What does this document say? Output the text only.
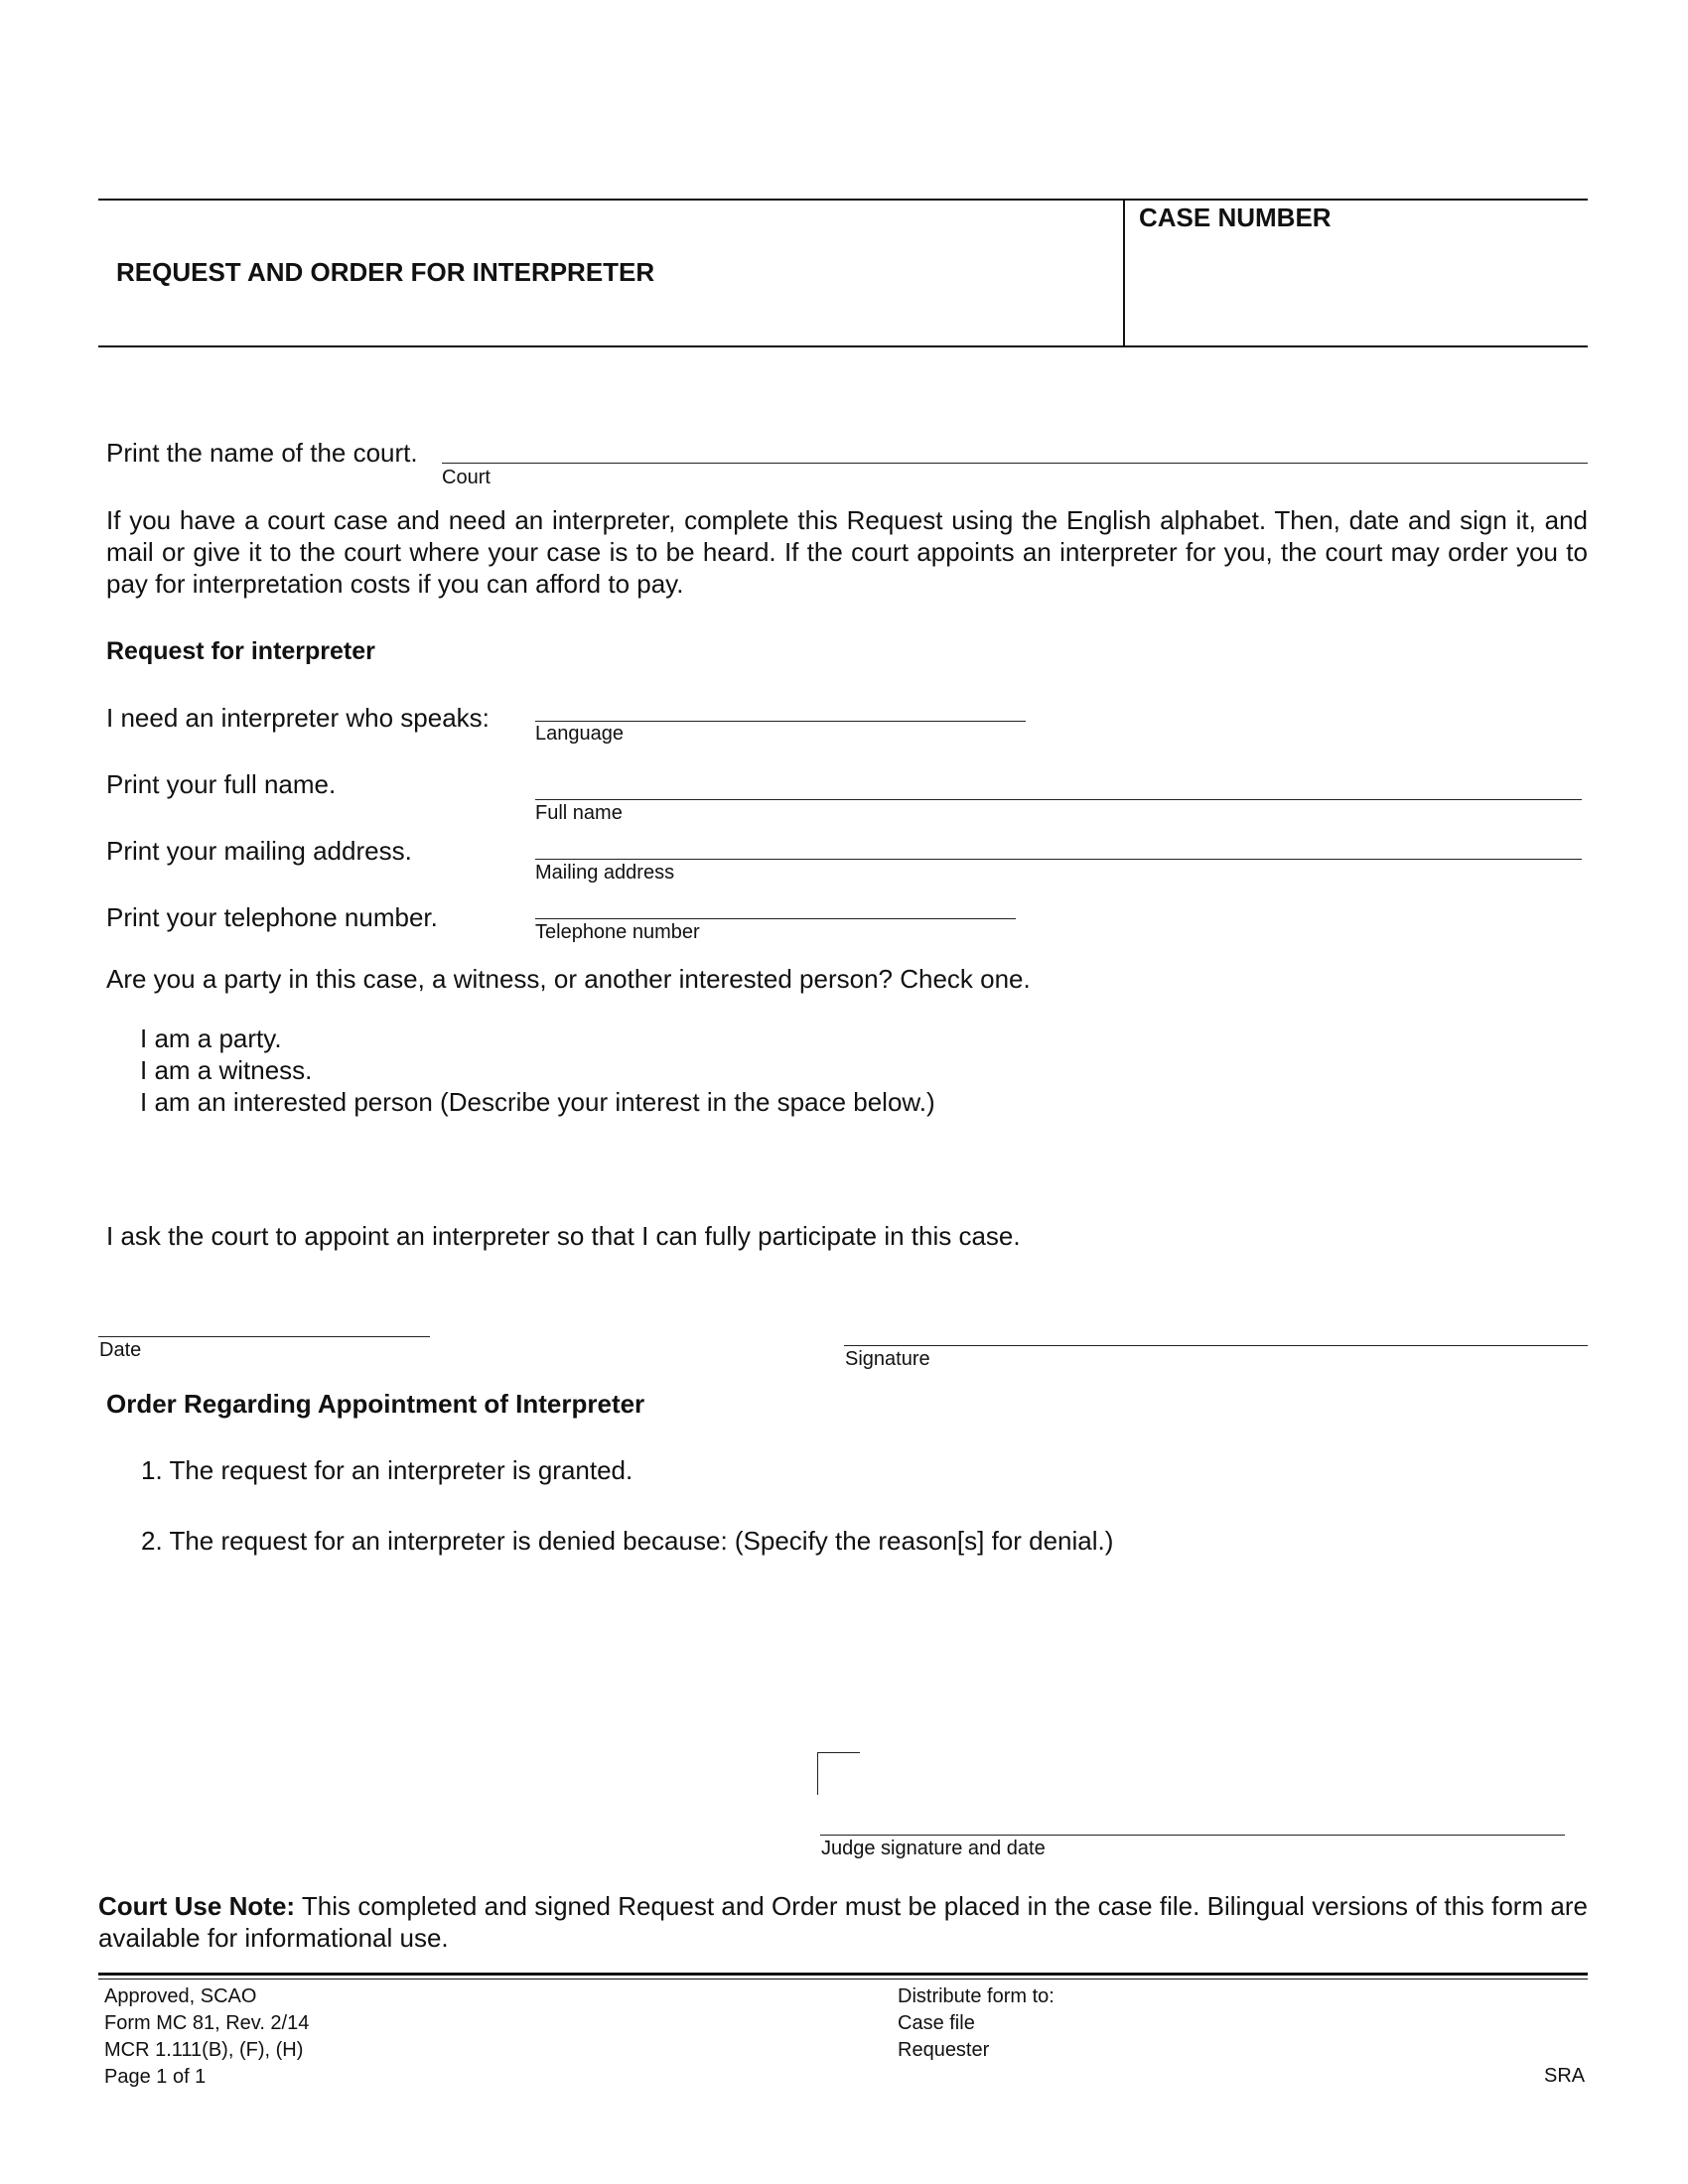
REQUEST AND ORDER FOR INTERPRETER
CASE NUMBER
Print the name of the court.
Court
If you have a court case and need an interpreter, complete this Request using the English alphabet. Then, date and sign it, and mail or give it to the court where your case is to be heard. If the court appoints an interpreter for you, the court may order you to pay for interpretation costs if you can afford to pay.
Request for interpreter
I need an interpreter who speaks:
Language
Print your full name.
Full name
Print your mailing address.
Mailing address
Print your telephone number.	Telephone number
Are you a party in this case, a witness, or another interested person? Check one.
I am a party.
I am a witness.
I am an interested person (Describe your interest in the space below.)
I ask the court to appoint an interpreter so that I can fully participate in this case.
Date	Signature
Order Regarding Appointment of Interpreter
1. The request for an interpreter is granted.
2. The request for an interpreter is denied because: (Specify the reason[s] for denial.)
Judge signature and date
Court Use Note: This completed and signed Request and Order must be placed in the case file. Bilingual versions of this form are available for informational use.
Approved, SCAO
Form MC 81, Rev. 2/14
MCR 1.111(B), (F), (H)
Page 1 of 1
Distribute form to:
Case file
Requester
SRA
